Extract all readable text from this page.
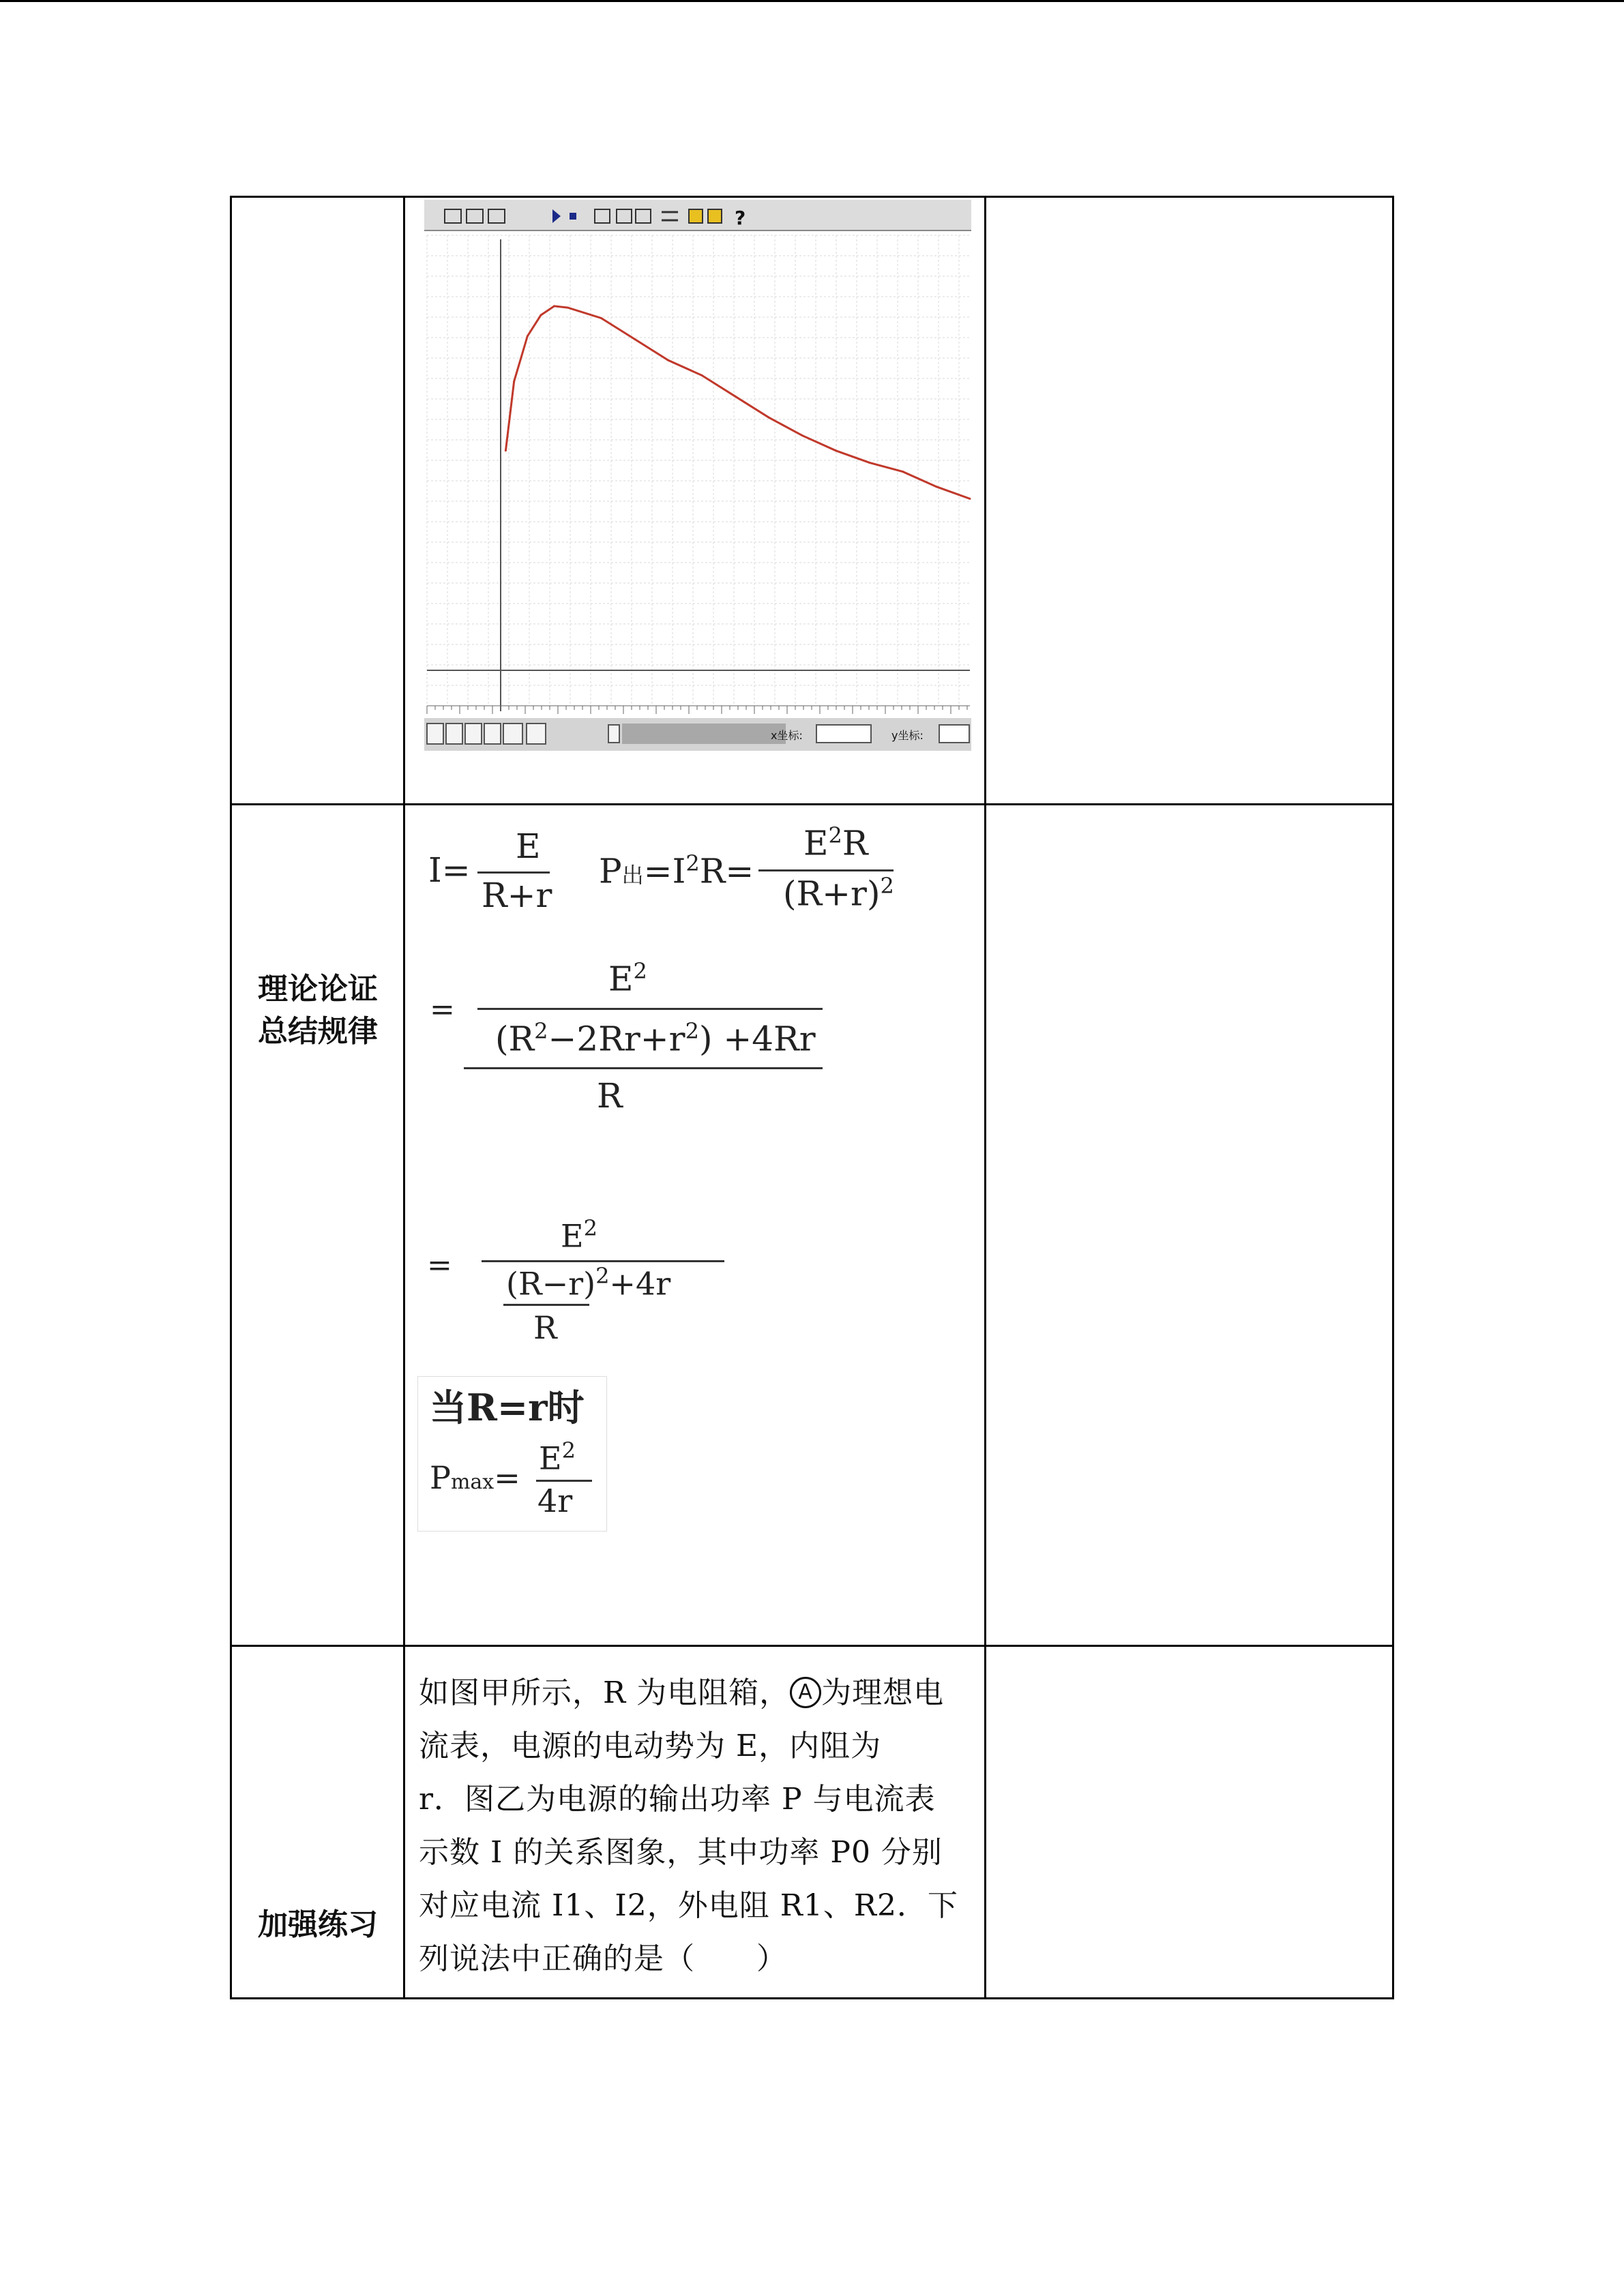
?
x坐标:	y坐标:
理论论证
总结规律
I=
E
R+r
P出$=I^2R=$
$E^2R$
$(R+r)^2$
=
$E^2$
$(R^2-2Rr+r^2) +4Rr$
R
=
$E^2$
$(R-r)^2+4r$
R
当R=r时
Pmax=
$E^2$
4r
加强练习
如图甲所示，R 为电阻箱， A 为理想电
流表，电源的电动势为 E，内阻为
r．图乙为电源的输出功率 P 与电流表
示数 I 的关系图象，其中功率 P0 分别
对应电流 I1、I2，外电阻 R1、R2．下
列说法中正确的是（　　）
